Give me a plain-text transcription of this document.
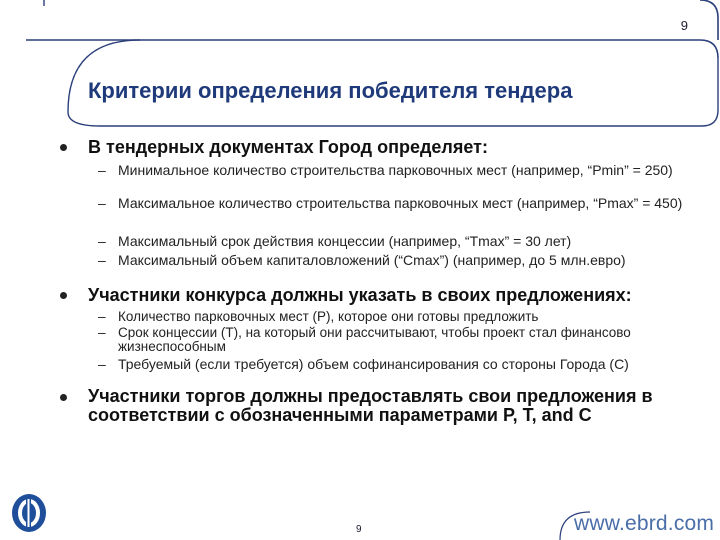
9
Критерии определения победителя тендера
В тендерных документах Город определяет:
– Минимальное количество строительства парковочных мест (например, “Pmin” = 250)
– Максимальное количество строительства парковочных мест (например, “Pmax” = 450)
– Максимальный срок действия концессии (например, “Tmax” = 30 лет)
– Максимальный объем капиталовложений (“Cmax”) (например, до 5 млн.евро)
Участники конкурса должны указать в своих предложениях:
– Количество парковочных мест (P), которое они готовы предложить
– Срок концессии (T), на который они рассчитывают, чтобы проект стал финансово жизнеспособным
– Требуемый (если требуется) объем софинансирования со стороны Города (C)
Участники торгов должны предоставлять свои предложения в соответствии с обозначенными параметрами P, T, and C
9	www.ebrd.com
